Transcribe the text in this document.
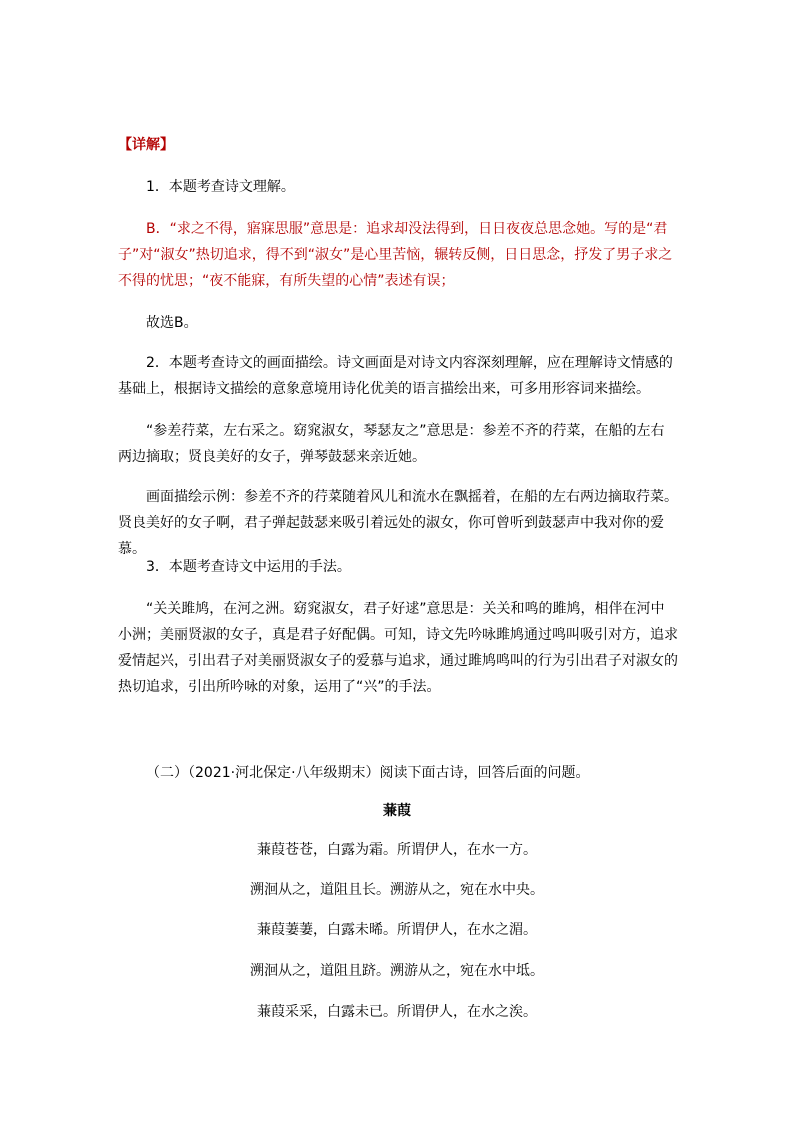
【详解】

1．本题考查诗文理解。

B．“求之不得，寤寐思服”意思是：追求却没法得到，日日夜夜总思念她。写的是“君子”对“淑女”热切追求，得不到“淑女”是心里苦恼，辗转反侧，日日思念，抒发了男子求之不得的忧思；“夜不能寐，有所失望的心情”表述有误；

故选B。

2．本题考查诗文的画面描绘。诗文画面是对诗文内容深刻理解，应在理解诗文情感的基础上，根据诗文描绘的意象意境用诗化优美的语言描绘出来，可多用形容词来描绘。

“参差荇菜，左右采之。窈窕淑女，琴瑟友之”意思是：参差不齐的荇菜，在船的左右两边摘取；贤良美好的女子，弹琴鼓瑟来亲近她。

画面描绘示例：参差不齐的荇菜随着风儿和流水在飘摇着，在船的左右两边摘取荇菜。贤良美好的女子啊，君子弹起鼓瑟来吸引着远处的淑女，你可曾听到鼓瑟声中我对你的爱慕。

3．本题考查诗文中运用的手法。

“关关雎鸠，在河之洲。窈窕淑女，君子好逑”意思是：关关和鸣的雎鸠，相伴在河中小洲；美丽贤淑的女子，真是君子好配偶。可知，诗文先吟咏雎鸠通过鸣叫吸引对方，追求爱情起兴，引出君子对美丽贤淑女子的爱慕与追求，通过雎鸠鸣叫的行为引出君子对淑女的热切追求，引出所吟咏的对象，运用了“兴”的手法。

（二）（2021·河北保定·八年级期末）阅读下面古诗，回答后面的问题。

蒹葭
蒹葭苍苍，白露为霜。所谓伊人，在水一方。
溯洄从之，道阻且长。溯游从之，宛在水中央。
蒹葭萋萋，白露未晞。所谓伊人，在水之湄。
溯洄从之，道阻且跻。溯游从之，宛在水中坻。
蒹葭采采，白露未已。所谓伊人，在水之涘。
